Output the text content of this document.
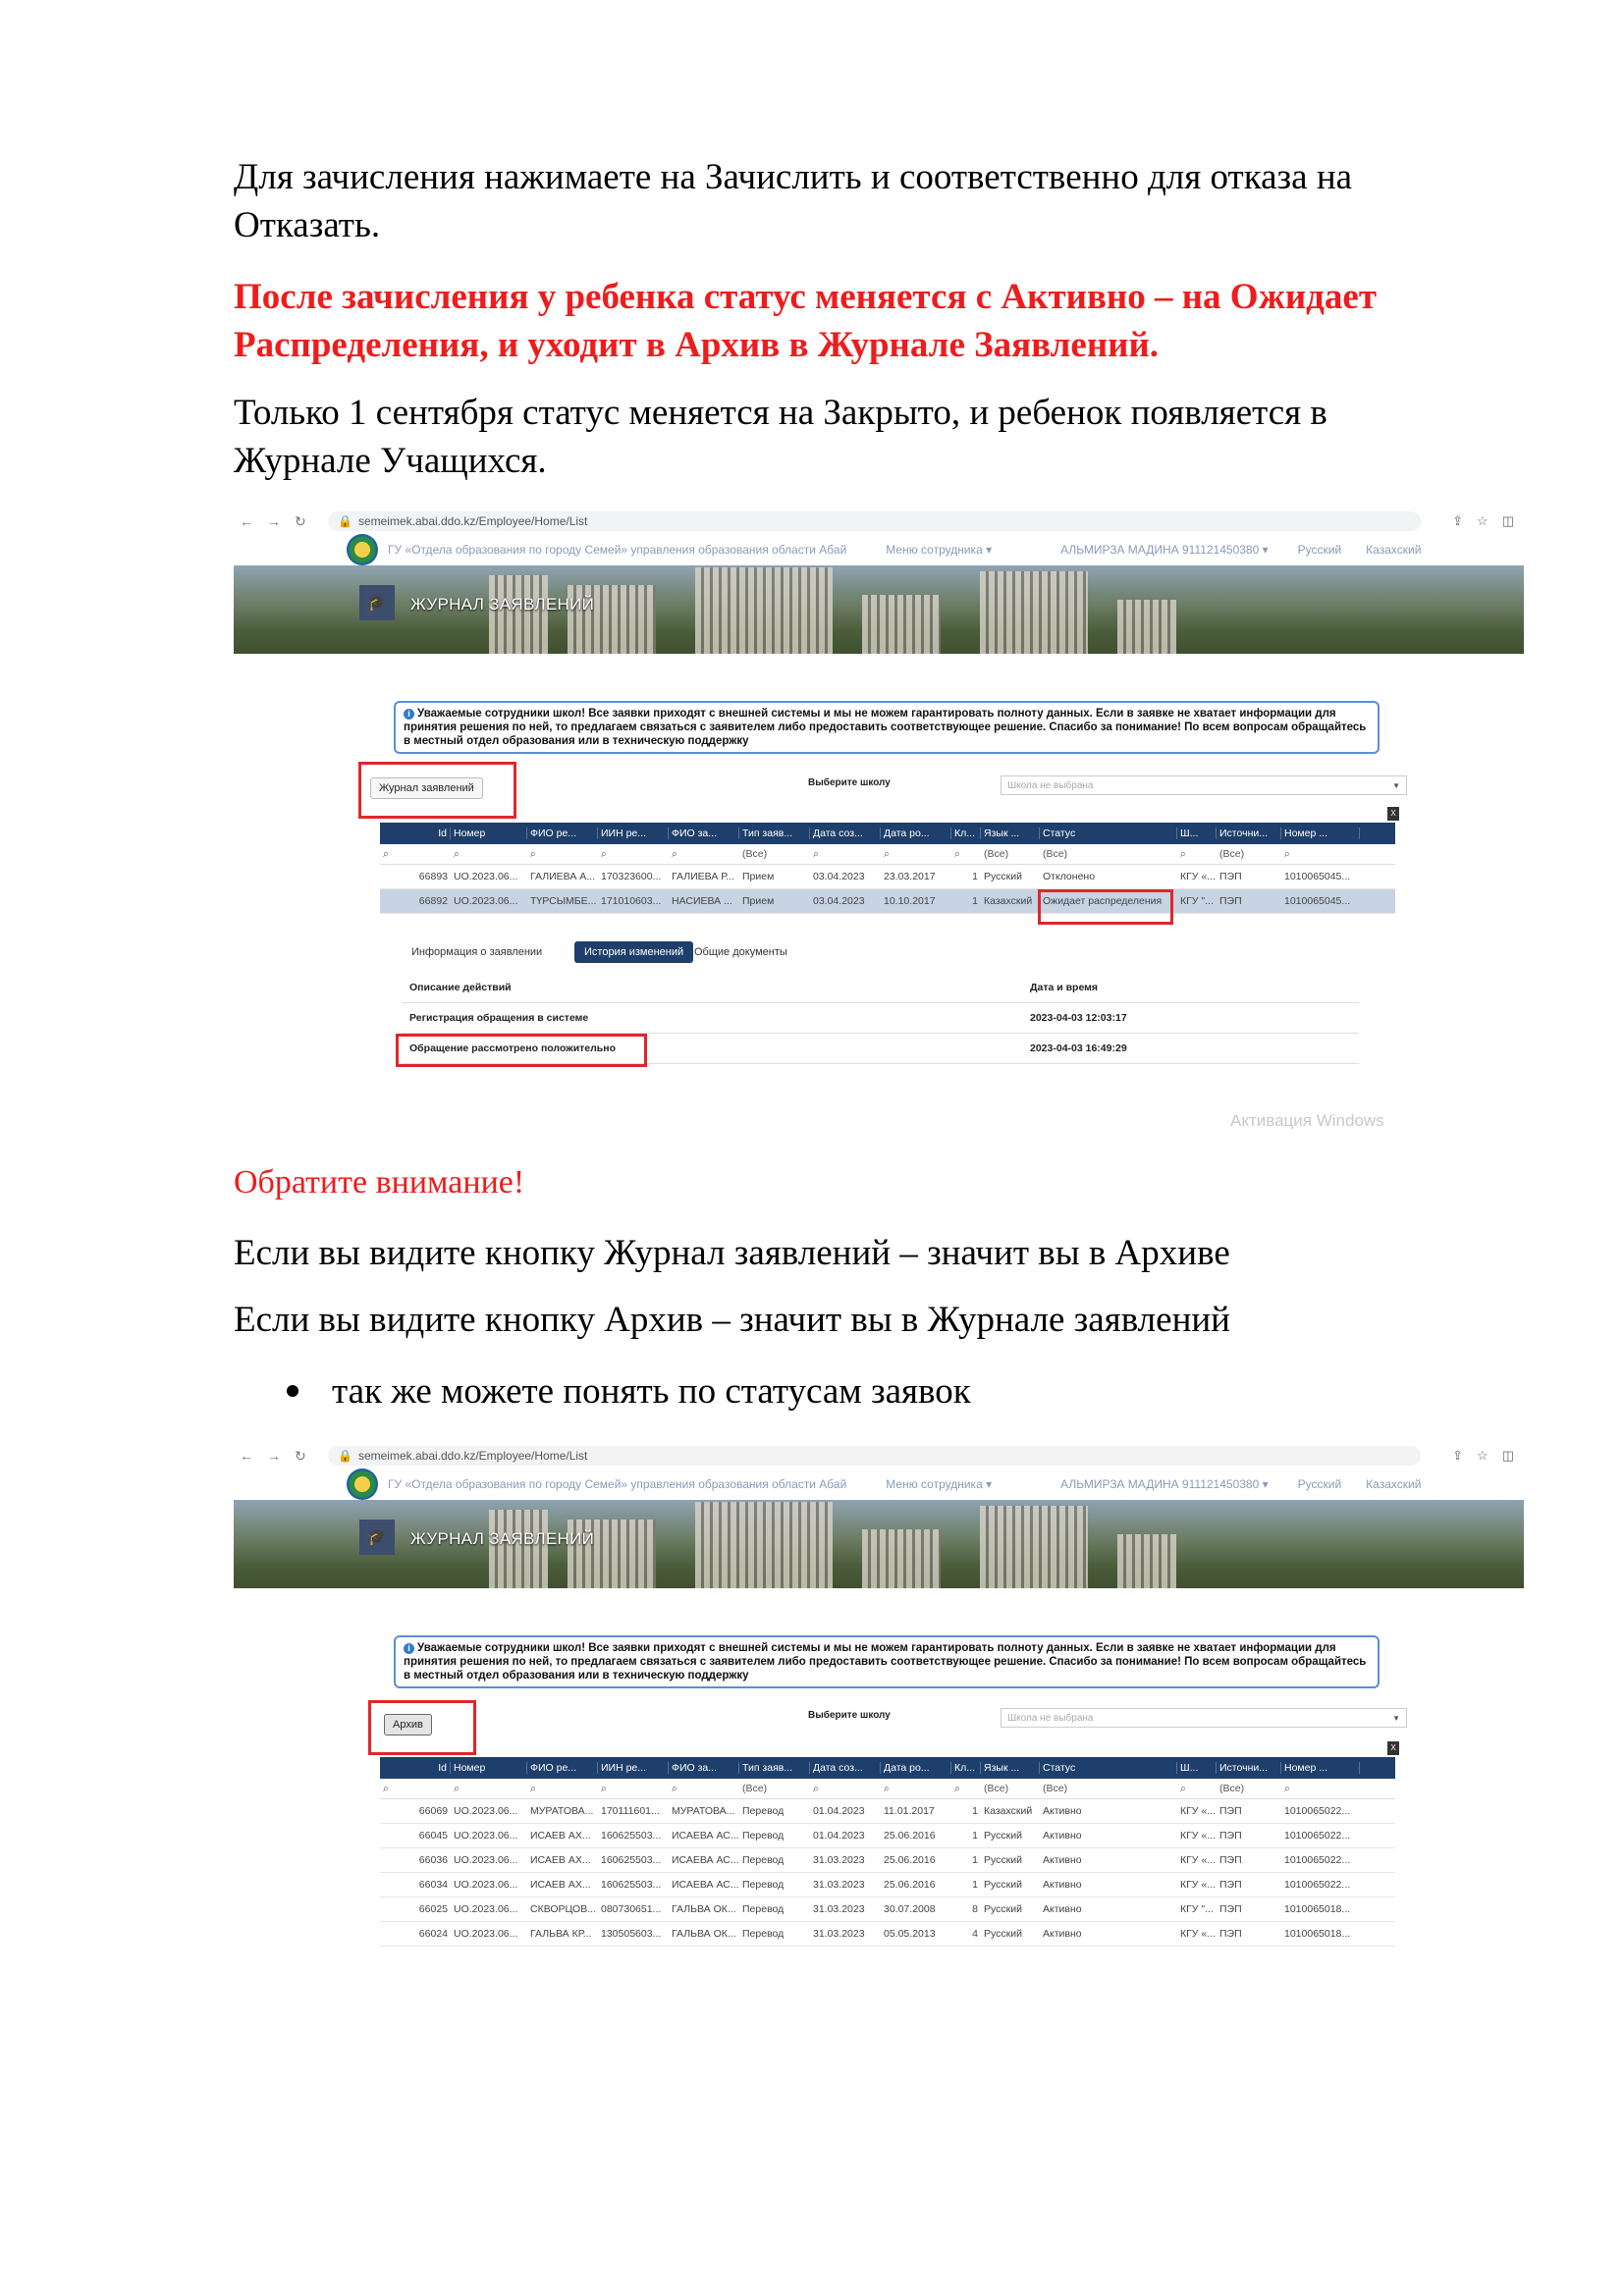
Для зачисления нажимаете на Зачислить и соответственно для отказа на Отказать.

После зачисления у ребенка статус меняется с Активно – на Ожидает Распределения, и уходит в Архив в Журнале Заявлений.

Только 1 сентября статус меняется на Закрыто, и ребенок появляется в Журнале Учащихся.

← → ↻	🔒 semeimek.abai.ddo.kz/Employee/Home/List	⇪ ☆ ◫
ГУ «Отдела образования по городу Семей» управления образования области Абай	Меню сотрудника ▾	АЛЬМИРЗА МАДИНА 911121450380 ▾	Русский Казахский
🎓	ЖУРНАЛ ЗАЯВЛЕНИЙ
i Уважаемые сотрудники школ! Все заявки приходят с внешней системы и мы не можем гарантировать полноту данных. Если в заявке не хватает информации для принятия решения по ней, то предлагаем связаться с заявителем либо предоставить соответствующее решение. Спасибо за понимание! По всем вопросам обращайтесь в местный отдел образования или в техническую поддержку
Журнал заявлений	Выберите школу	Школа не выбрана	▼
X
Id Номер	ФИО ре...	ИИН ре...	ФИО за...	Тип заяв...	Дата соз...	Дата ро...	Кл... Язык ...	Статус	Ш...	Источни...	Номер ...
⌕	⌕	⌕	⌕	⌕	(Все)	⌕	⌕	⌕	(Все)	(Все)	⌕	(Все)	⌕
66893 UO.2023.06...	ГАЛИЕВА А... 170323600...	ГАЛИЕВА Р... Прием	03.04.2023	23.03.2017	1 Русский	Отклонено	КГУ «... ПЭП	1010065045...
66892 UO.2023.06...	ТҮРСЫМБЕ... 171010603...	НАСИЕВА ... Прием	03.04.2023	10.10.2017	1 Казахский	Ожидает распределения	КГУ "... ПЭП	1010065045...
Информация о заявлении	История изменений Общие документы
Описание действий	Дата и время
Регистрация обращения в системе	2023-04-03 12:03:17
Обращение рассмотрено положительно	2023-04-03 16:49:29
Активация Windows

Обратите внимание!

Если вы видите кнопку Журнал заявлений – значит вы в Архиве

Если вы видите кнопку Архив – значит вы в Журнале заявлений

так же можете понять по статусам заявок

← → ↻	🔒 semeimek.abai.ddo.kz/Employee/Home/List	⇪ ☆ ◫
ГУ «Отдела образования по городу Семей» управления образования области Абай	Меню сотрудника ▾	АЛЬМИРЗА МАДИНА 911121450380 ▾	Русский Казахский
🎓	ЖУРНАЛ ЗАЯВЛЕНИЙ
i Уважаемые сотрудники школ! Все заявки приходят с внешней системы и мы не можем гарантировать полноту данных. Если в заявке не хватает информации для принятия решения по ней, то предлагаем связаться с заявителем либо предоставить соответствующее решение. Спасибо за понимание! По всем вопросам обращайтесь в местный отдел образования или в техническую поддержку
Архив
Выберите школу	Школа не выбрана	▼
X
Id Номер	ФИО ре...	ИИН ре...	ФИО за...	Тип заяв...	Дата соз...	Дата ро...	Кл... Язык ...	Статус	Ш...	Источни...	Номер ...
⌕	⌕	⌕	⌕	⌕	(Все)	⌕	⌕	⌕	(Все)	(Все)	⌕	(Все)	⌕
66069 UO.2023.06...	МУРАТОВА... 170111601...	МУРАТОВА... Перевод	01.04.2023	11.01.2017	1 Казахский	Активно	КГУ «... ПЭП	1010065022...
66045 UO.2023.06...	ИСАЕВ АХ... 160625503...	ИСАЕВА АС... Перевод	01.04.2023	25.06.2016	1 Русский	Активно	КГУ «... ПЭП	1010065022...
66036 UO.2023.06...	ИСАЕВ АХ... 160625503...	ИСАЕВА АС... Перевод	31.03.2023	25.06.2016	1 Русский	Активно	КГУ «... ПЭП	1010065022...
66034 UO.2023.06...	ИСАЕВ АХ... 160625503...	ИСАЕВА АС... Перевод	31.03.2023	25.06.2016	1 Русский	Активно	КГУ «... ПЭП	1010065022...
66025 UO.2023.06...	СКВОРЦОВ... 080730651...	ГАЛЬВА ОК... Перевод	31.03.2023	30.07.2008	8 Русский	Активно	КГУ "... ПЭП	1010065018...
66024 UO.2023.06...	ГАЛЬВА КР... 130505603...	ГАЛЬВА ОК... Перевод	31.03.2023	05.05.2013	4 Русский	Активно	КГУ «... ПЭП	1010065018...
